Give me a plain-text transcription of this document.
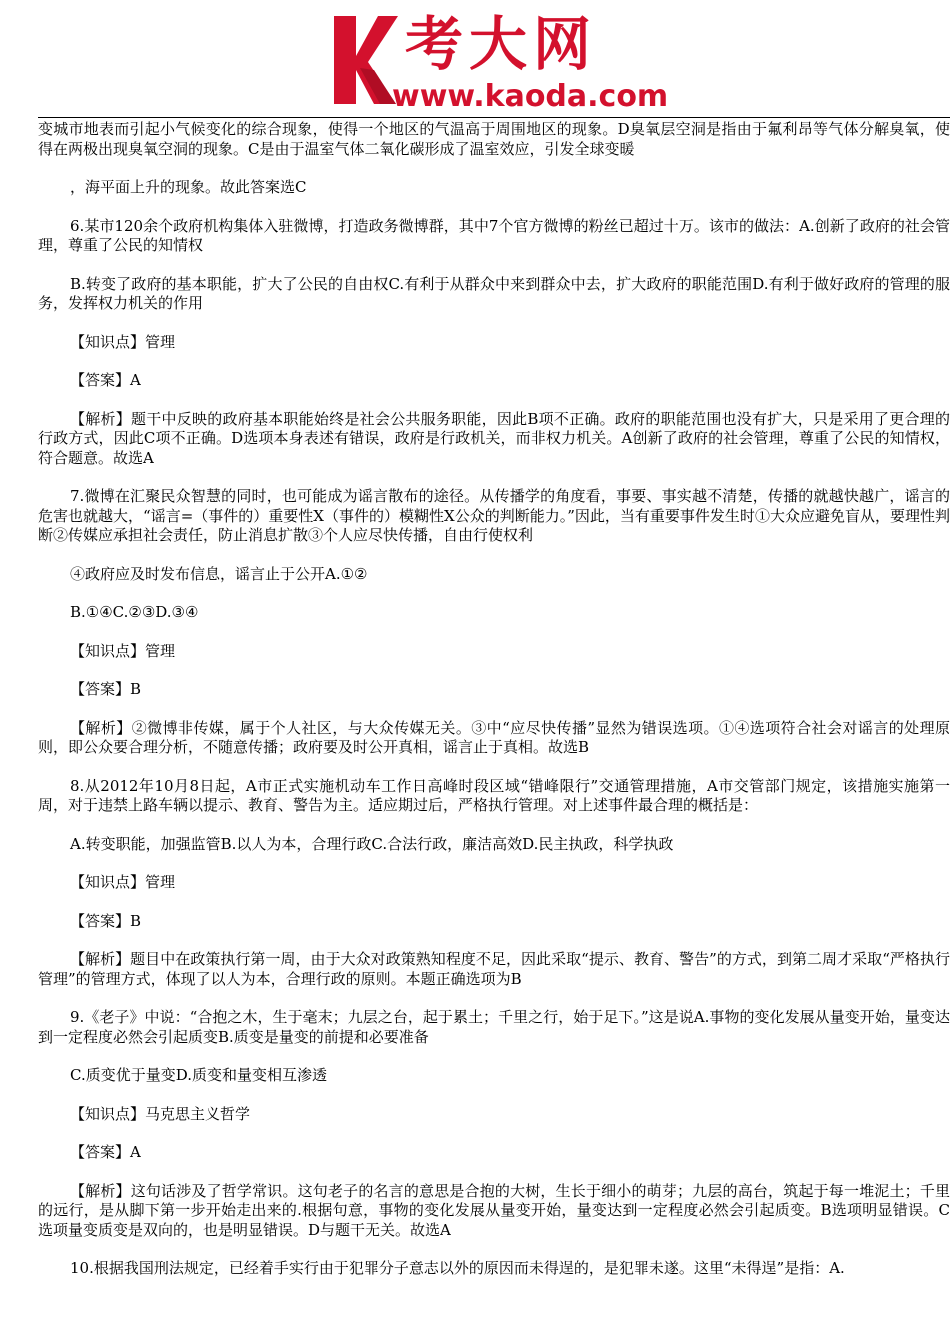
考大网
www.kaoda.com

变城市地表而引起小气候变化的综合现象，使得一个地区的气温高于周围地区的现象。D臭氧层空洞是指由于氟利昂等气体分解臭氧，使得在两极出现臭氧空洞的现象。C是由于温室气体二氧化碳形成了温室效应，引发全球变暖

，海平面上升的现象。故此答案选C

6.某市120余个政府机构集体入驻微博，打造政务微博群，其中7个官方微博的粉丝已超过十万。该市的做法：A.创新了政府的社会管理，尊重了公民的知情权

B.转变了政府的基本职能，扩大了公民的自由权C.有利于从群众中来到群众中去，扩大政府的职能范围D.有利于做好政府的管理的服务，发挥权力机关的作用

【知识点】管理

【答案】A

【解析】题干中反映的政府基本职能始终是社会公共服务职能，因此B项不正确。政府的职能范围也没有扩大，只是采用了更合理的行政方式，因此C项不正确。D选项本身表述有错误，政府是行政机关，而非权力机关。A创新了政府的社会管理，尊重了公民的知情权，符合题意。故选A

7.微博在汇聚民众智慧的同时，也可能成为谣言散布的途径。从传播学的角度看，事要、事实越不清楚，传播的就越快越广，谣言的危害也就越大，“谣言=（事件的）重要性X（事件的）模糊性X公众的判断能力。”因此，当有重要事件发生时①大众应避免盲从，要理性判断②传媒应承担社会责任，防止消息扩散③个人应尽快传播，自由行使权利

④政府应及时发布信息，谣言止于公开A.①②

B.①④C.②③D.③④

【知识点】管理

【答案】B

【解析】②微博非传媒，属于个人社区，与大众传媒无关。③中“应尽快传播”显然为错误选项。①④选项符合社会对谣言的处理原则，即公众要合理分析，不随意传播；政府要及时公开真相，谣言止于真相。故选B

8.从2012年10月8日起，A市正式实施机动车工作日高峰时段区域“错峰限行”交通管理措施，A市交管部门规定，该措施实施第一周，对于违禁上路车辆以提示、教育、警告为主。适应期过后，严格执行管理。对上述事件最合理的概括是：

A.转变职能，加强监管B.以人为本，合理行政C.合法行政，廉洁高效D.民主执政，科学执政

【知识点】管理

【答案】B

【解析】题目中在政策执行第一周，由于大众对政策熟知程度不足，因此采取“提示、教育、警告”的方式，到第二周才采取“严格执行管理”的管理方式，体现了以人为本，合理行政的原则。本题正确选项为B

9.《老子》中说：“合抱之木，生于毫末；九层之台，起于累土；千里之行，始于足下。”这是说A.事物的变化发展从量变开始，量变达到一定程度必然会引起质变B.质变是量变的前提和必要准备

C.质变优于量变D.质变和量变相互渗透

【知识点】马克思主义哲学

【答案】A

【解析】这句话涉及了哲学常识。这句老子的名言的意思是合抱的大树，生长于细小的萌芽；九层的高台，筑起于每一堆泥土；千里的远行，是从脚下第一步开始走出来的.根据句意，事物的变化发展从量变开始，量变达到一定程度必然会引起质变。B选项明显错误。C选项量变质变是双向的，也是明显错误。D与题干无关。故选A

10.根据我国刑法规定，已经着手实行由于犯罪分子意志以外的原因而未得逞的，是犯罪未遂。这里“未得逞”是指：A.
